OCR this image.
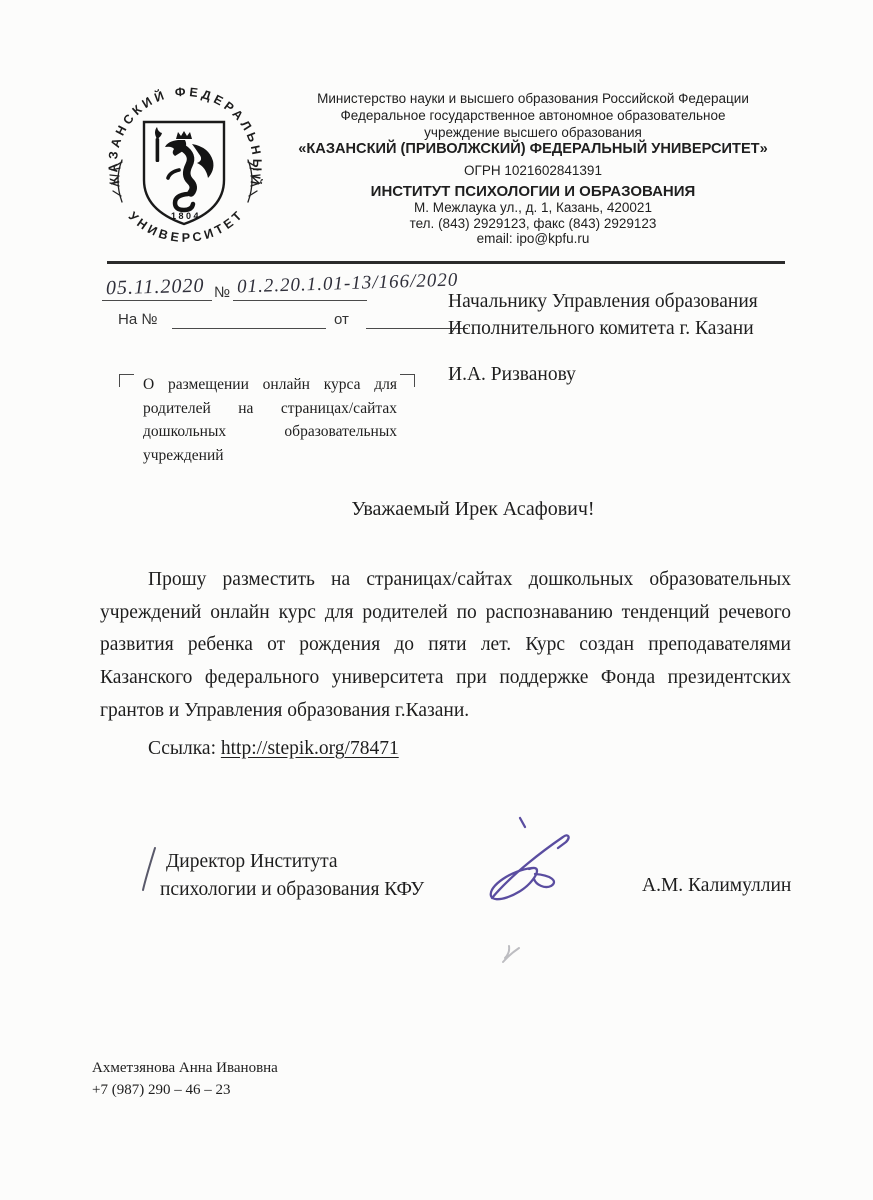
КАЗАНСКИЙ ФЕДЕРАЛЬНЫЙ
УНИВЕРСИТЕТ
1804
Министерство науки и высшего образования Российской Федерации
Федеральное государственное автономное образовательное
учреждение высшего образования
«КАЗАНСКИЙ (ПРИВОЛЖСКИЙ) ФЕДЕРАЛЬНЫЙ УНИВЕРСИТЕТ»
ОГРН 1021602841391
ИНСТИТУТ ПСИХОЛОГИИ И ОБРАЗОВАНИЯ
М. Межлаука ул., д. 1, Казань, 420021
тел. (843) 2929123, факс (843) 2929123
email: ipo@kpfu.ru
05.11.2020 № 01.2.20.1.01-13/166/2020
На №	от
Начальнику Управления образования
Исполнительного комитета г. Казани
И.А. Ризванову
О размещении онлайн курса для родителей на страницах/сайтах дошкольных образовательных учреждений
Уважаемый Ирек Асафович!

Прошу разместить на страницах/сайтах дошкольных образовательных учреждений онлайн курс для родителей по распознаванию тенденций речевого развития ребенка от рождения до пяти лет. Курс создан преподавателями Казанского федерального университета при поддержке Фонда президентских грантов и Управления образования г.Казани.

Ссылка: http://stepik.org/78471
Директор Института
психологии и образования КФУ	А.М. Калимуллин
Ахметзянова Анна Ивановна
+7 (987) 290 – 46 – 23
